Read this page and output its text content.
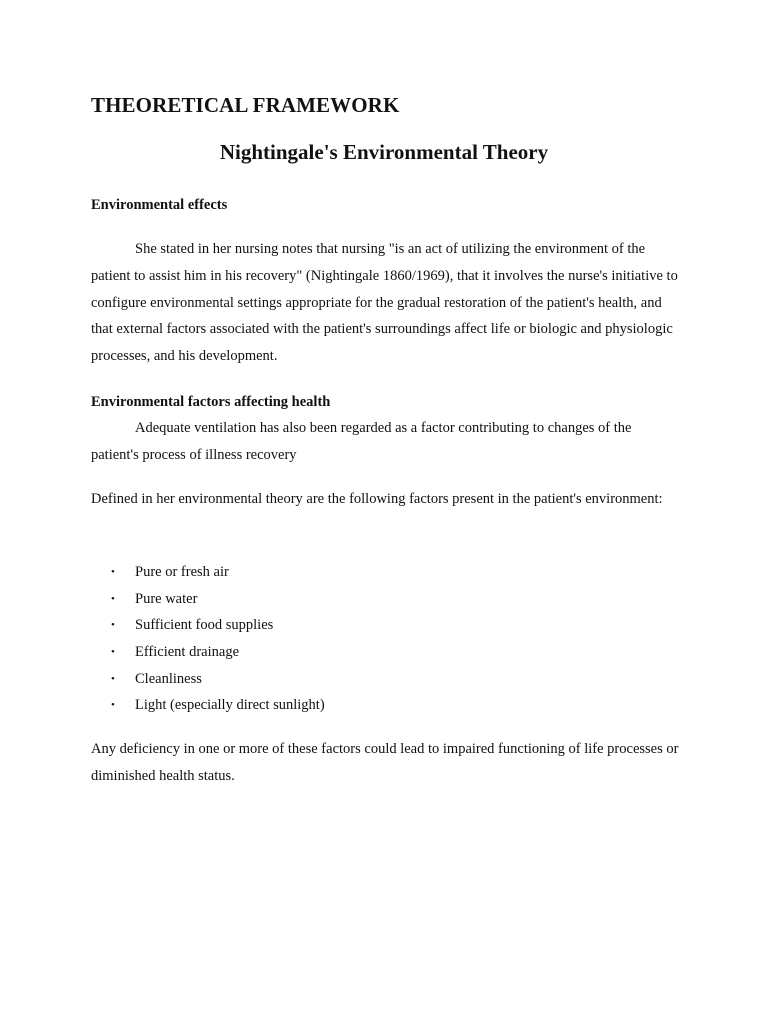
THEORETICAL FRAMEWORK
Nightingale's Environmental Theory
Environmental effects

She stated in her nursing notes that nursing "is an act of utilizing the environment of the patient to assist him in his recovery" (Nightingale 1860/1969), that it involves the nurse's initiative to configure environmental settings appropriate for the gradual restoration of the patient's health, and that external factors associated with the patient's surroundings affect life or biologic and physiologic processes, and his development.

Environmental factors affecting health

Adequate ventilation has also been regarded as a factor contributing to changes of the patient's process of illness recovery

Defined in her environmental theory are the following factors present in the patient's environment:

• Pure or fresh air
• Pure water
• Sufficient food supplies
• Efficient drainage
• Cleanliness
• Light (especially direct sunlight)

Any deficiency in one or more of these factors could lead to impaired functioning of life processes or diminished health status.
